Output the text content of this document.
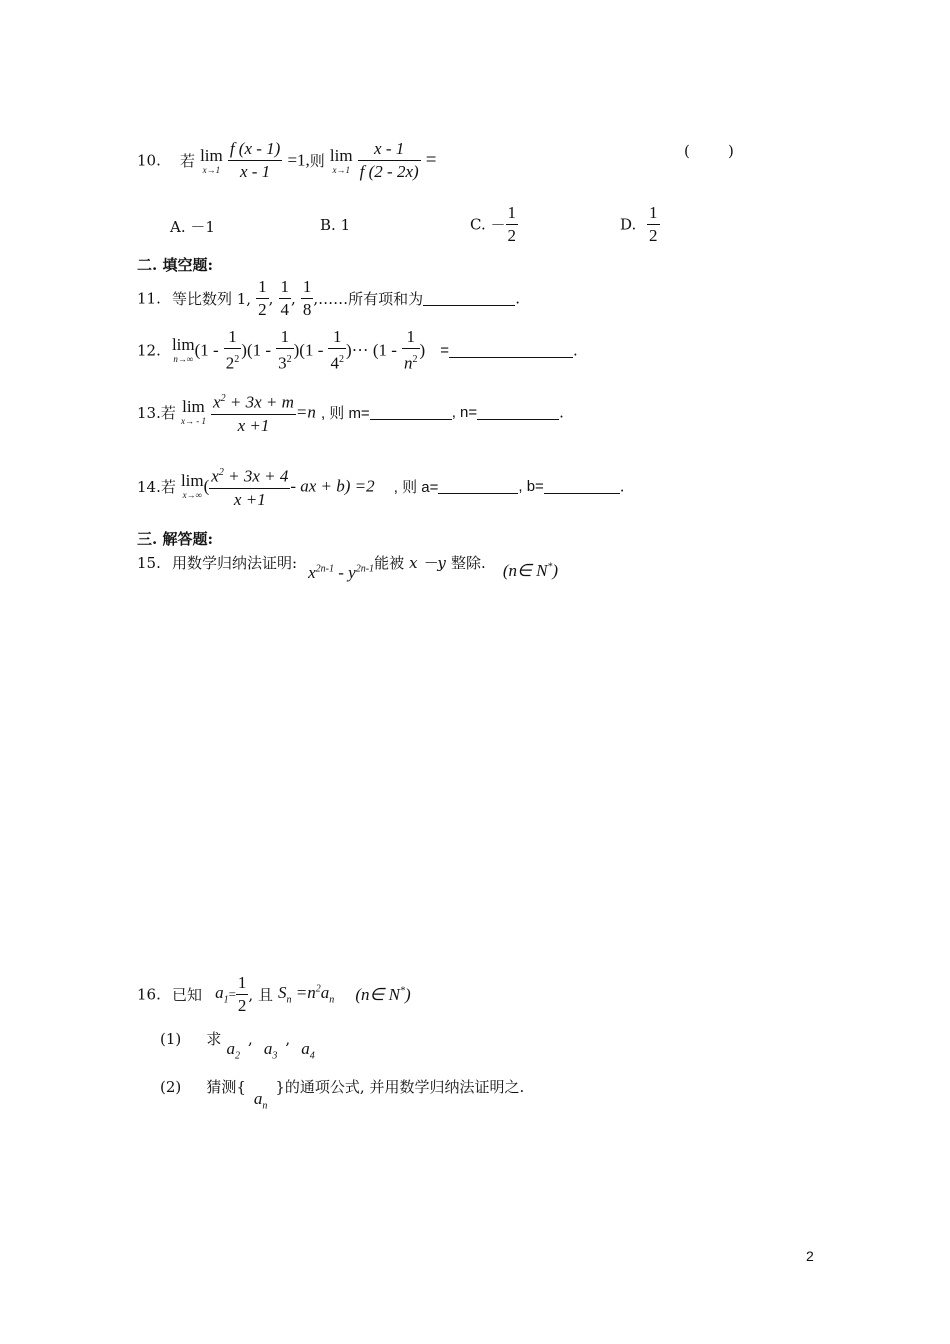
10. 若 lim
x→1
$\frac{f (x - 1)}{x - 1} =1$,则 lim
x→1
$\frac{x - 1}{f (2 - 2x)}$ =	(        )
A. －1	B. 1	C. － $\frac{1}{2}$	D. $\frac{1}{2}$
二. 填空题:
11. 等比数列 1, $\frac{1}{2}$ , $\frac{1}{4}$ , $\frac{1}{8}$ ,……所有项和为	.
12. lim
n→∞ $(1 - \frac{1}{2^2} )(1 - \frac{1}{3^2} )(1 - \frac{1}{4^2}$ )··· ($1 - \frac{1}{n^2}$ ) =	.
13.若 lim
x→ - 1
$\frac{x^2 + 3x + m}{x +1} =n$ , 则 m=	, n=	.
14.若 lim
x→∞ ( $\frac{x^2 + 3x + 4}{x +1}$ - ax + b) =2 , 则 a=	, b=	.
三. 解答题:
15. 用数学归纳法证明: $x^{2n-1} - y^{2n-1}$能被 x －y 整除. (n∈ N*)
16. 已知 $a_1= \frac{1}{2}$ , 且 $S_n =n^2a_n$ (n∈ N*)
(1) 求 $a_2$, $a_3$, $a_4$
(2) 猜测$\{a_n\}$的通项公式, 并用数学归纳法证明之.
2
